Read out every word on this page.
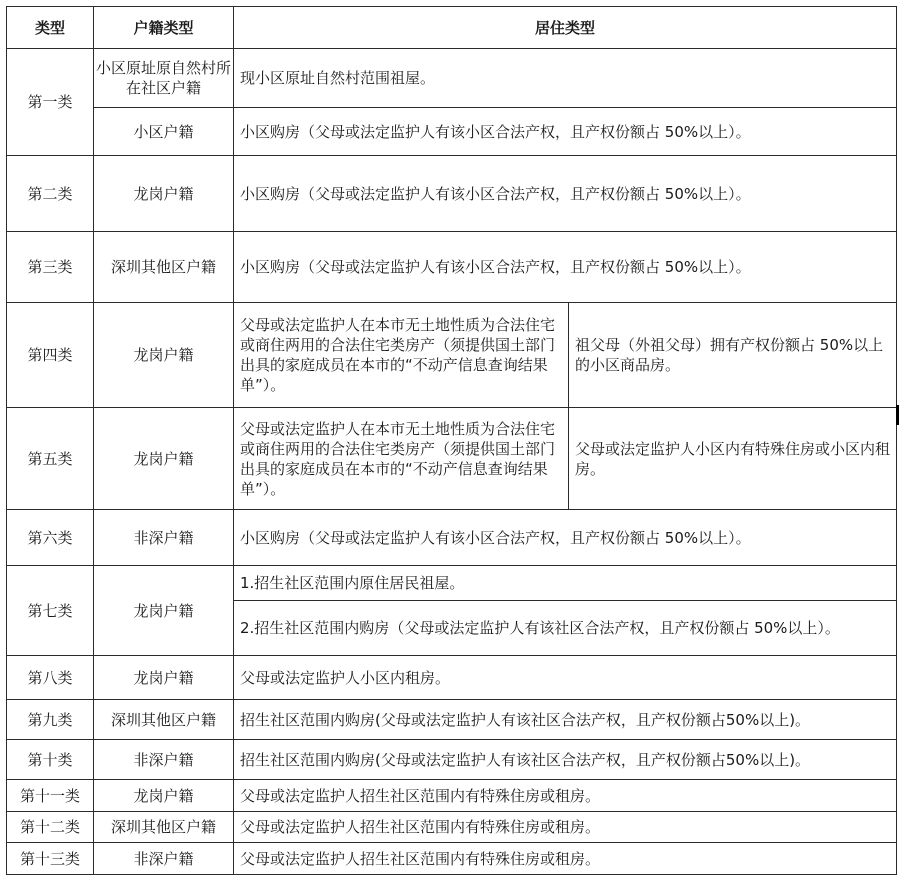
类型	户籍类型	居住类型	
第一类	小区原址原自然村所在社区户籍	现小区原址自然村范围祖屋。	
	小区户籍	小区购房（父母或法定监护人有该小区合法产权，且产权份额占 50%以上）。	
第二类	龙岗户籍	小区购房（父母或法定监护人有该小区合法产权，且产权份额占 50%以上）。	
第三类	深圳其他区户籍	小区购房（父母或法定监护人有该小区合法产权，且产权份额占 50%以上）。	
第四类	龙岗户籍	父母或法定监护人在本市无土地性质为合法住宅或商住两用的合法住宅类房产（须提供国土部门出具的家庭成员在本市的“不动产信息查询结果单”）。	祖父母（外祖父母）拥有产权份额占 50%以上的小区商品房。
第五类	龙岗户籍	父母或法定监护人在本市无土地性质为合法住宅或商住两用的合法住宅类房产（须提供国土部门出具的家庭成员在本市的“不动产信息查询结果单”）。	父母或法定监护人小区内有特殊住房或小区内租房。
第六类	非深户籍	小区购房（父母或法定监护人有该小区合法产权，且产权份额占 50%以上）。	
第七类	龙岗户籍	1.招生社区范围内原住居民祖屋。	
		2.招生社区范围内购房（父母或法定监护人有该社区合法产权，且产权份额占 50%以上）。	
第八类	龙岗户籍	父母或法定监护人小区内租房。	
第九类	深圳其他区户籍	招生社区范围内购房(父母或法定监护人有该社区合法产权，且产权份额占50%以上)。	
第十类	非深户籍	招生社区范围内购房(父母或法定监护人有该社区合法产权，且产权份额占50%以上)。	
第十一类	龙岗户籍	父母或法定监护人招生社区范围内有特殊住房或租房。	
第十二类	深圳其他区户籍	父母或法定监护人招生社区范围内有特殊住房或租房。	
第十三类	非深户籍	父母或法定监护人招生社区范围内有特殊住房或租房。	
